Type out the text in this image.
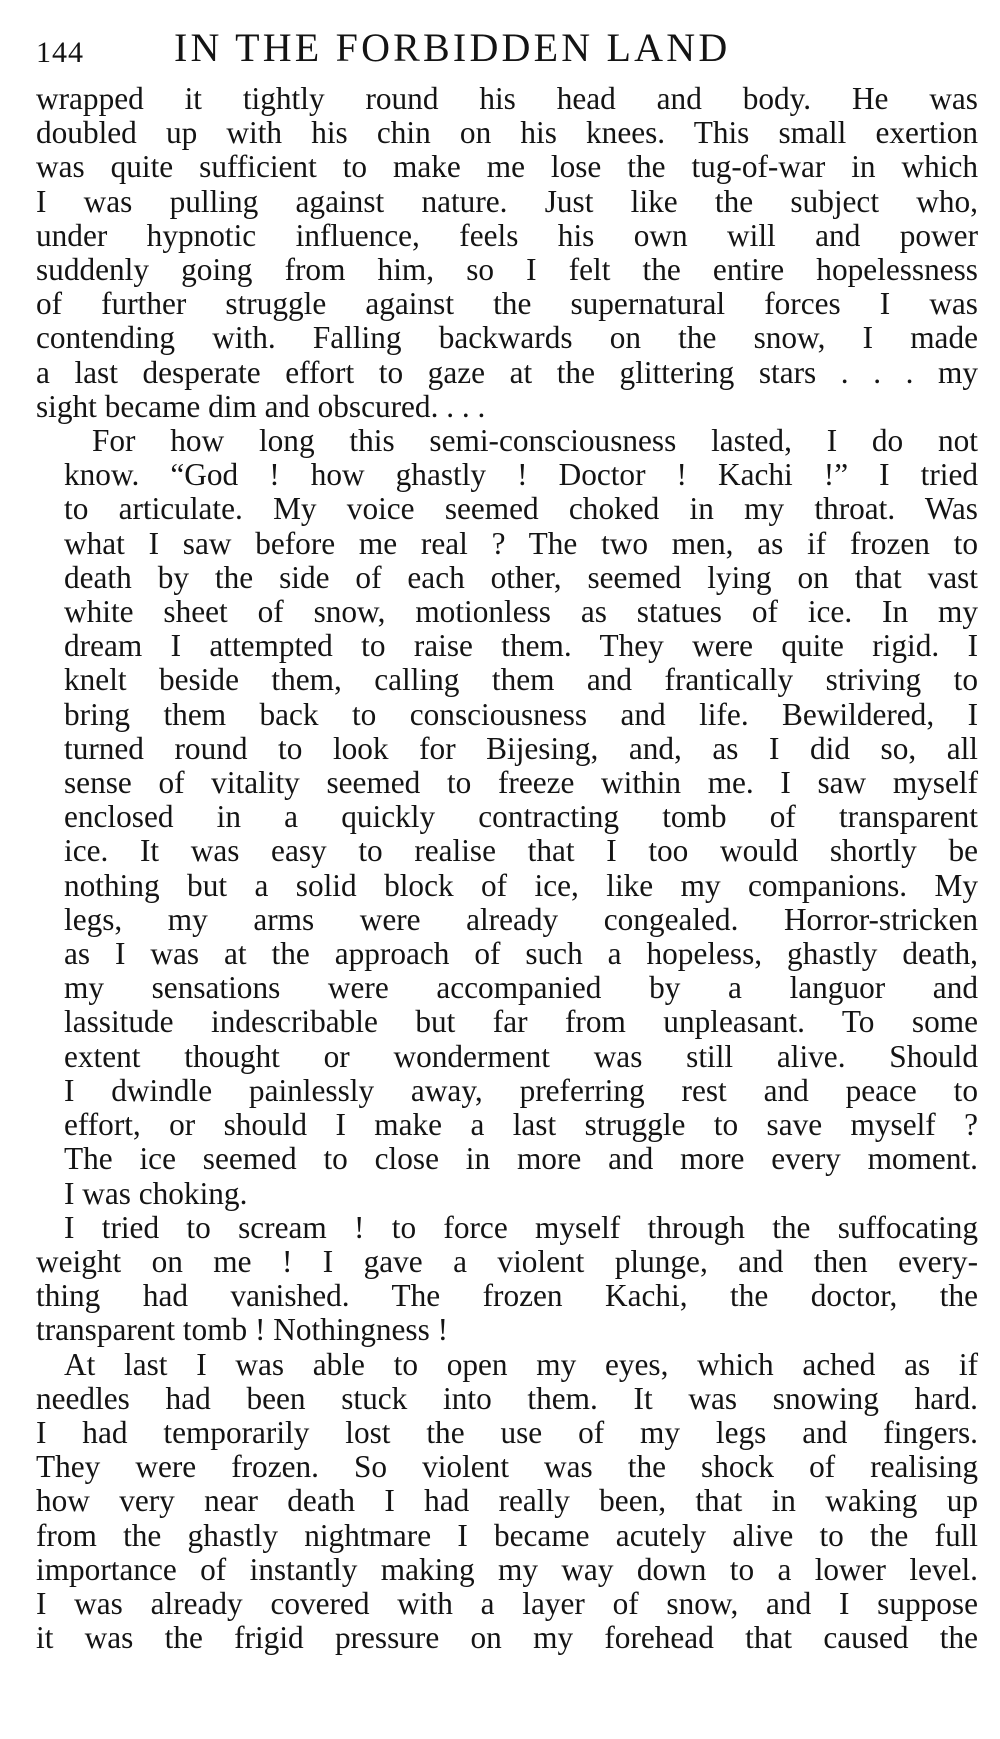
144 IN THE FORBIDDEN LAND
wrapped it tightly round his head and body. He was
doubled up with his chin on his knees. This small exertion
was quite sufficient to make me lose the tug-of-war in which
I was pulling against nature. Just like the subject who,
under hypnotic influence, feels his own will and power
suddenly going from him, so I felt the entire hopelessness
of further struggle against the supernatural forces I was
contending with. Falling backwards on the snow, I made
a last desperate effort to gaze at the glittering stars . . . my
sight became dim and obscured. . . .
For how long this semi-consciousness lasted, I do not
know. “God ! how ghastly ! Doctor ! Kachi !” I tried
to articulate. My voice seemed choked in my throat. Was
what I saw before me real ? The two men, as if frozen to
death by the side of each other, seemed lying on that vast
white sheet of snow, motionless as statues of ice. In my
dream I attempted to raise them. They were quite rigid. I
knelt beside them, calling them and frantically striving to
bring them back to consciousness and life. Bewildered, I
turned round to look for Bijesing, and, as I did so, all
sense of vitality seemed to freeze within me. I saw myself
enclosed in a quickly contracting tomb of transparent
ice. It was easy to realise that I too would shortly be
nothing but a solid block of ice, like my companions. My
legs, my arms were already congealed. Horror-stricken
as I was at the approach of such a hopeless, ghastly death,
my sensations were accompanied by a languor and
lassitude indescribable but far from unpleasant. To some
extent thought or wonderment was still alive. Should
I dwindle painlessly away, preferring rest and peace to
effort, or should I make a last struggle to save myself ?
The ice seemed to close in more and more every moment.
I was choking.
I tried to scream ! to force myself through the suffocating
weight on me ! I gave a violent plunge, and then every-
thing had vanished. The frozen Kachi, the doctor, the
transparent tomb ! Nothingness !
At last I was able to open my eyes, which ached as if
needles had been stuck into them. It was snowing hard.
I had temporarily lost the use of my legs and fingers.
They were frozen. So violent was the shock of realising
how very near death I had really been, that in waking up
from the ghastly nightmare I became acutely alive to the full
importance of instantly making my way down to a lower level.
I was already covered with a layer of snow, and I suppose
it was the frigid pressure on my forehead that caused the
